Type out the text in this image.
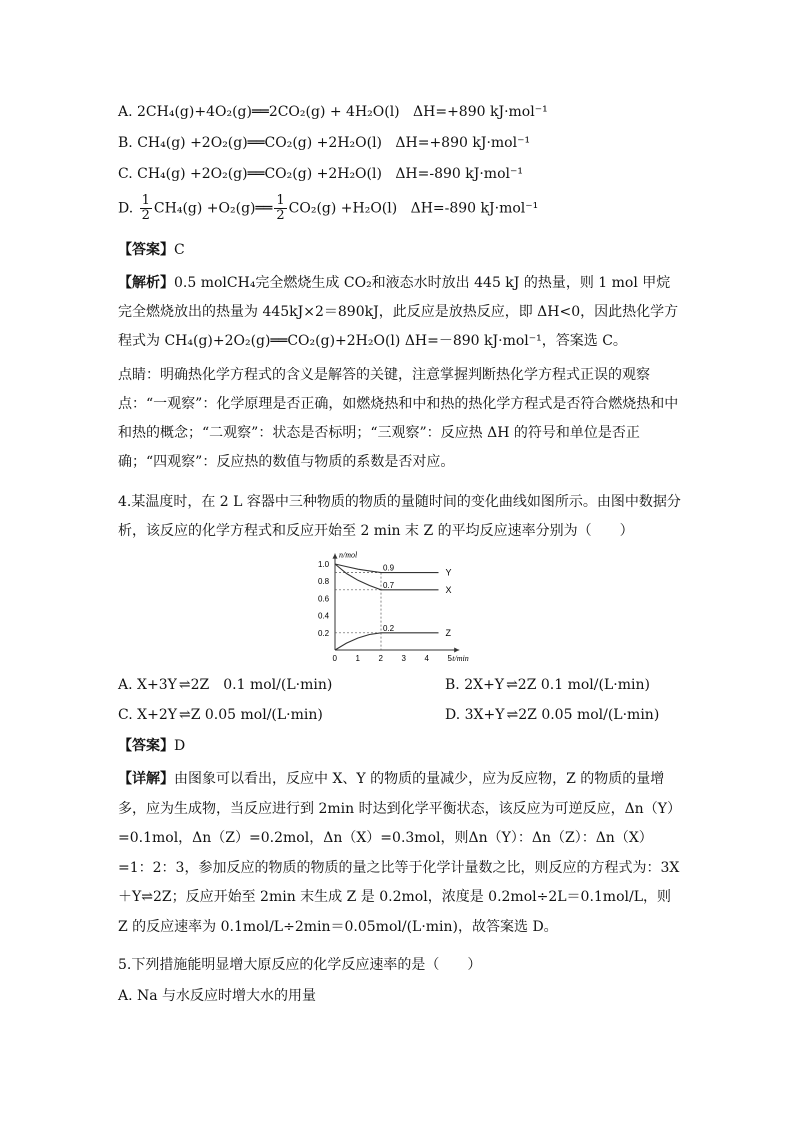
A. 2CH₄(g)+4O₂(g)══2CO₂(g) + 4H₂O(l) ΔH=+890 kJ·mol⁻¹
B. CH₄(g) +2O₂(g)══CO₂(g) +2H₂O(l) ΔH=+890 kJ·mol⁻¹
C. CH₄(g) +2O₂(g)══CO₂(g) +2H₂O(l) ΔH=-890 kJ·mol⁻¹
D. $\frac{1}{2} CH_4(g)$ +O₂(g)══ $\frac{1}{2} CO_2(g) +H_2O(l)$ ΔH=-890 kJ·mol⁻¹
【答案】C
【解析】0.5 molCH₄完全燃烧生成 CO₂和液态水时放出 445 kJ 的热量，则 1 mol 甲烷完全燃烧放出的热量为 445kJ×2＝890kJ，此反应是放热反应，即 ΔH<0，因此热化学方程式为 CH₄(g)+2O₂(g)══CO₂(g)+2H₂O(l) ΔH=－890 kJ·mol⁻¹，答案选 C。
点睛：明确热化学方程式的含义是解答的关键，注意掌握判断热化学方程式正误的观察点：“一观察”：化学原理是否正确，如燃烧热和中和热的热化学方程式是否符合燃烧热和中和热的概念；“二观察”：状态是否标明；“三观察”：反应热 ΔH 的符号和单位是否正确；“四观察”：反应热的数值与物质的系数是否对应。
4.某温度时，在 2 L 容器中三种物质的物质的量随时间的变化曲线如图所示。由图中数据分析，该反应的化学方程式和反应开始至 2 min 末 Z 的平均反应速率分别为（　　）
n/mol
t/min
0 1 2 3 4 5
1.0
0.8
0.6
0.4
0.2
Y
X
Z
0.9
0.7
0.2
A. X+3Y ⇌ 2Z　0.1 mol/(L·min)	B. 2X+Y ⇌ 2Z 0.1 mol/(L·min)
C. X+2Y ⇌ Z 0.05 mol/(L·min)	D. 3X+Y ⇌ 2Z 0.05 mol/(L·min)
【答案】D
【详解】由图象可以看出，反应中 X、Y 的物质的量减少，应为反应物，Z 的物质的量增多，应为生成物，当反应进行到 2min 时达到化学平衡状态，该反应为可逆反应，Δn（Y）=0.1mol，Δn（Z）=0.2mol，Δn（X）=0.3mol，则Δn（Y）：Δn（Z）：Δn（X）=1：2：3，参加反应的物质的物质的量之比等于化学计量数之比，则反应的方程式为：3X＋Y⇌2Z；反应开始至 2min 末生成 Z 是 0.2mol，浓度是 0.2mol÷2L＝0.1mol/L，则 Z 的反应速率为 0.1mol/L÷2min＝0.05mol/(L·min)，故答案选 D。
5.下列措施能明显增大原反应的化学反应速率的是（　　）
A. Na 与水反应时增大水的用量
